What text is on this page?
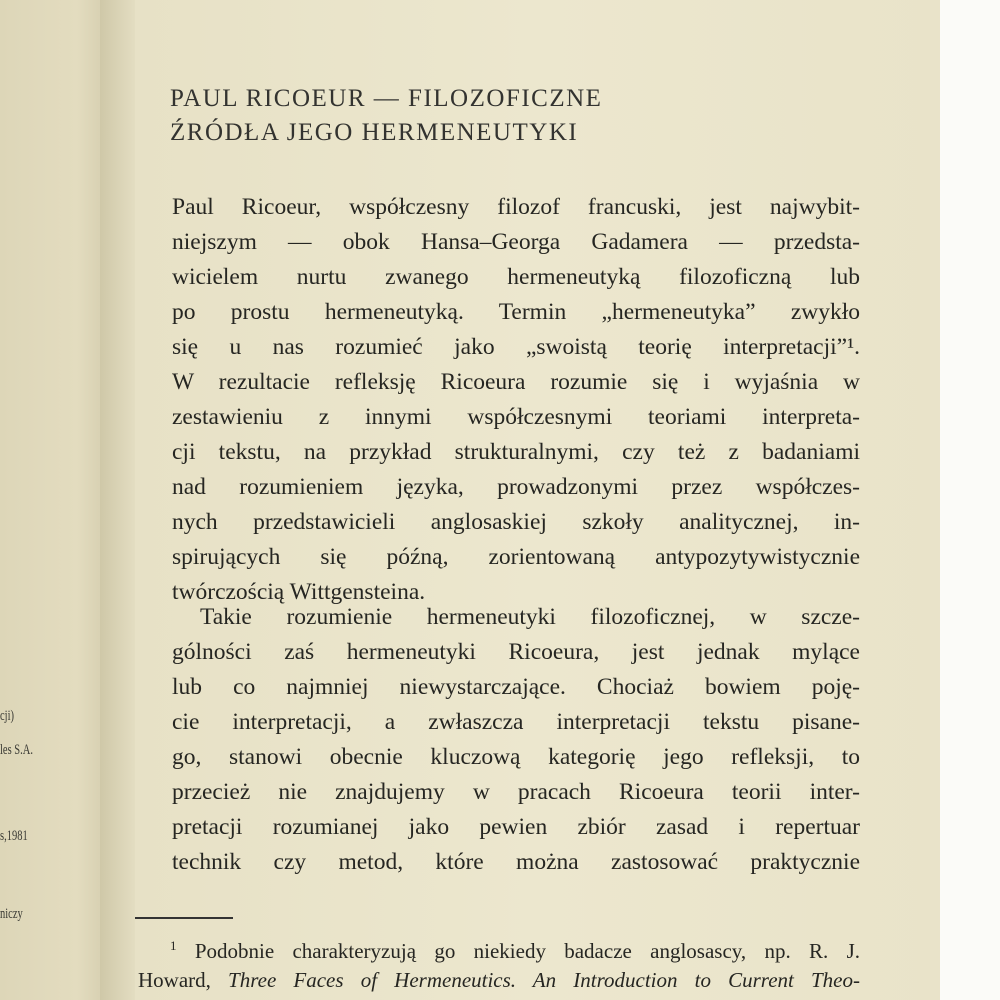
cji)
les S.A.
s,1981
niczy
PAUL RICOEUR — FILOZOFICZNE
ŹRÓDŁA JEGO HERMENEUTYKI
Paul Ricoeur, współczesny filozof francuski, jest najwybit-
niejszym — obok Hansa–Georga Gadamera — przedsta-
wicielem nurtu zwanego hermeneutyką filozoficzną lub
po prostu hermeneutyką. Termin „hermeneutyka” zwykło
się u nas rozumieć jako „swoistą teorię interpretacji”¹.
W rezultacie refleksję Ricoeura rozumie się i wyjaśnia w
zestawieniu z innymi współczesnymi teoriami interpreta-
cji tekstu, na przykład strukturalnymi, czy też z badaniami
nad rozumieniem języka, prowadzonymi przez współczes-
nych przedstawicieli anglosaskiej szkoły analitycznej, in-
spirujących się późną, zorientowaną antypozytywistycznie
twórczością Wittgensteina.
Takie rozumienie hermeneutyki filozoficznej, w szcze-
gólności zaś hermeneutyki Ricoeura, jest jednak mylące
lub co najmniej niewystarczające. Chociaż bowiem poję-
cie interpretacji, a zwłaszcza interpretacji tekstu pisane-
go, stanowi obecnie kluczową kategorię jego refleksji, to
przecież nie znajdujemy w pracach Ricoeura teorii inter-
pretacji rozumianej jako pewien zbiór zasad i repertuar
technik czy metod, które można zastosować praktycznie
$^1$ Podobnie charakteryzują go niekiedy badacze anglosascy, np. R. J.
Howard, Three Faces of Hermeneutics. An Introduction to Current Theo-
